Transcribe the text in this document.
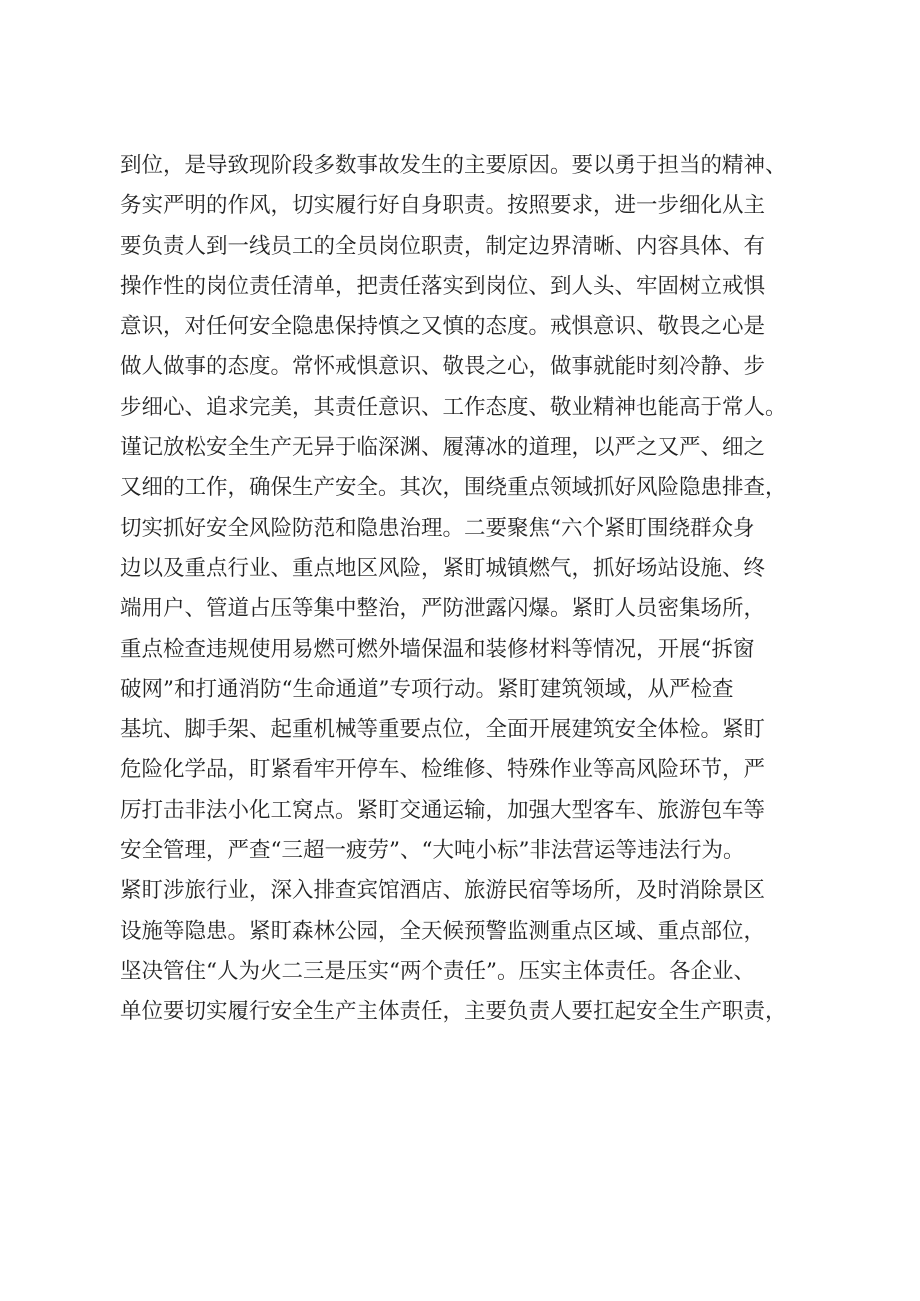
到位，是导致现阶段多数事故发生的主要原因。要以勇于担当的精神、
务实严明的作风，切实履行好自身职责。按照要求，进一步细化从主
要负责人到一线员工的全员岗位职责，制定边界清晰、内容具体、有
操作性的岗位责任清单，把责任落实到岗位、到人头、牢固树立戒惧
意识，对任何安全隐患保持慎之又慎的态度。戒惧意识、敬畏之心是
做人做事的态度。常怀戒惧意识、敬畏之心，做事就能时刻冷静、步
步细心、追求完美，其责任意识、工作态度、敬业精神也能高于常人。
谨记放松安全生产无异于临深渊、履薄冰的道理，以严之又严、细之
又细的工作，确保生产安全。其次，围绕重点领域抓好风险隐患排查，
切实抓好安全风险防范和隐患治理。二要聚焦“六个紧盯围绕群众身
边以及重点行业、重点地区风险，紧盯城镇燃气，抓好场站设施、终
端用户、管道占压等集中整治，严防泄露闪爆。紧盯人员密集场所，
重点检查违规使用易燃可燃外墙保温和装修材料等情况，开展“拆窗
破网”和打通消防“生命通道”专项行动。紧盯建筑领域，从严检查
基坑、脚手架、起重机械等重要点位，全面开展建筑安全体检。紧盯
危险化学品，盯紧看牢开停车、检维修、特殊作业等高风险环节，严
厉打击非法小化工窝点。紧盯交通运输，加强大型客车、旅游包车等
安全管理，严查“三超一疲劳”、“大吨小标”非法营运等违法行为。
紧盯涉旅行业，深入排查宾馆酒店、旅游民宿等场所，及时消除景区
设施等隐患。紧盯森林公园，全天候预警监测重点区域、重点部位，
坚决管住“人为火二三是压实“两个责任”。压实主体责任。各企业、
单位要切实履行安全生产主体责任，主要负责人要扛起安全生产职责，
